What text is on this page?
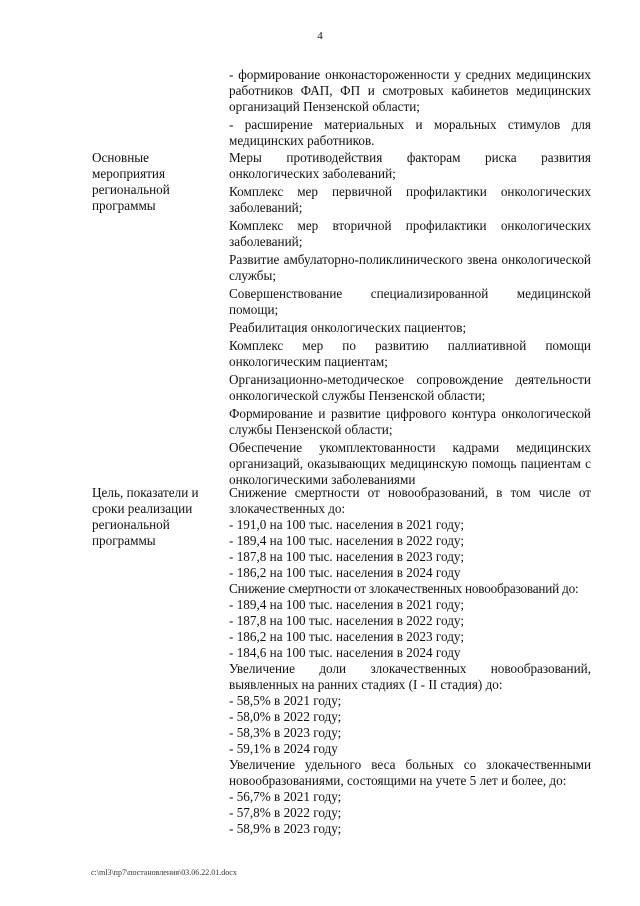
4
- формирование онконастороженности у средних медицинских работников ФАП, ФП и смотровых кабинетов медицинских организаций Пензенской области;
- расширение материальных и моральных стимулов для медицинских работников.
Основные мероприятия региональной программы
Меры противодействия факторам риска развития онкологических заболеваний;
Комплекс мер первичной профилактики онкологических заболеваний;
Комплекс мер вторичной профилактики онкологических заболеваний;
Развитие амбулаторно-поликлинического звена онкологической службы;
Совершенствование специализированной медицинской помощи;
Реабилитация онкологических пациентов;
Комплекс мер по развитию паллиативной помощи онкологическим пациентам;
Организационно-методическое сопровождение деятельности онкологической службы Пензенской области;
Формирование и развитие цифрового контура онкологической службы Пензенской области;
Обеспечение укомплектованности кадрами медицинских организаций, оказывающих медицинскую помощь пациентам с онкологическими заболеваниями
Цель, показатели и сроки реализации региональной программы
Снижение смертности от новообразований, в том числе от злокачественных до:
- 191,0 на 100 тыс. населения в 2021 году;
- 189,4 на 100 тыс. населения в 2022 году;
- 187,8 на 100 тыс. населения в 2023 году;
- 186,2 на 100 тыс. населения в 2024 году
Снижение смертности от злокачественных новообразований до:
- 189,4 на 100 тыс. населения в 2021 году;
- 187,8 на 100 тыс. населения в 2022 году;
- 186,2 на 100 тыс. населения в 2023 году;
- 184,6 на 100 тыс. населения в 2024 году
Увеличение доли злокачественных новообразований, выявленных на ранних стадиях (I - II стадия) до:
- 58,5% в 2021 году;
- 58,0% в 2022 году;
- 58,3% в 2023 году;
- 59,1% в 2024 году
Увеличение удельного веса больных со злокачественными новообразованиями, состоящими на учете 5 лет и более, до:
- 56,7% в 2021 году;
- 57,8% в 2022 году;
- 58,9% в 2023 году;
c:\ml3\пр7\постановления\03.06.22.01.docx
